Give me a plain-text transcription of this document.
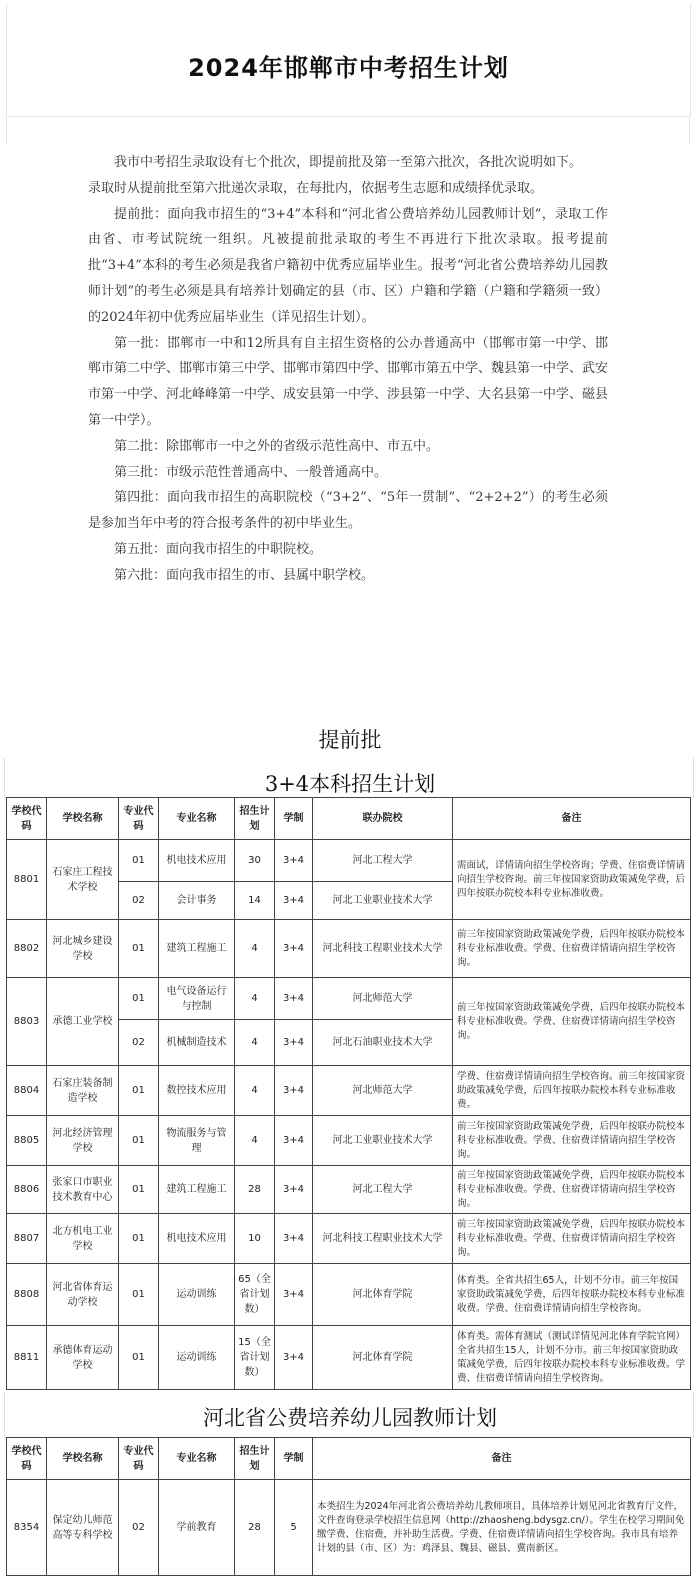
2024年邯郸市中考招生计划

我市中考招生录取设有七个批次，即提前批及第一至第六批次，各批次说明如下。

录取时从提前批至第六批递次录取，在每批内，依据考生志愿和成绩择优录取。

提前批：面向我市招生的“3+4”本科和“河北省公费培养幼儿园教师计划”，录取工作由省、市考试院统一组织。凡被提前批录取的考生不再进行下批次录取。报考提前批“3+4”本科的考生必须是我省户籍初中优秀应届毕业生。报考“河北省公费培养幼儿园教师计划”的考生必须是具有培养计划确定的县（市、区）户籍和学籍（户籍和学籍须一致）的2024年初中优秀应届毕业生（详见招生计划）。

第一批：邯郸市一中和12所具有自主招生资格的公办普通高中（邯郸市第一中学、邯郸市第二中学、邯郸市第三中学、邯郸市第四中学、邯郸市第五中学、魏县第一中学、武安市第一中学、河北峰峰第一中学、成安县第一中学、涉县第一中学、大名县第一中学、磁县第一中学）。

第二批：除邯郸市一中之外的省级示范性高中、市五中。

第三批：市级示范性普通高中、一般普通高中。

第四批：面向我市招生的高职院校（“3+2”、“5年一贯制”、“2+2+2”）的考生必须是参加当年中考的符合报考条件的初中毕业生。

第五批：面向我市招生的中职院校。

第六批：面向我市招生的市、县属中职学校。

提前批
3+4本科招生计划
学校代码	学校名称	专业代码	专业名称	招生计划	学制	联办院校	备注
8801	石家庄工程技术学校	01	机电技术应用	30	3+4	河北工程大学	需面试，详情请向招生学校咨询；学费、住宿费详情请向招生学校咨询。前三年按国家资助政策减免学费，后四年按联办院校本科专业标准收费。
		02	会计事务	14	3+4	河北工业职业技术大学	
8802	河北城乡建设学校	01	建筑工程施工	4	3+4	河北科技工程职业技术大学	前三年按国家资助政策减免学费，后四年按联办院校本科专业标准收费。学费、住宿费详情请向招生学校咨询。
8803	承德工业学校	01	电气设备运行与控制	4	3+4	河北师范大学	前三年按国家资助政策减免学费，后四年按联办院校本科专业标准收费。学费、住宿费详情请向招生学校咨询。
		02	机械制造技术	4	3+4	河北石油职业技术大学	
8804	石家庄装备制造学校	01	数控技术应用	4	3+4	河北师范大学	学费、住宿费详情请向招生学校咨询。前三年按国家资助政策减免学费，后四年按联办院校本科专业标准收费。
8805	河北经济管理学校	01	物流服务与管理	4	3+4	河北工业职业技术大学	前三年按国家资助政策减免学费，后四年按联办院校本科专业标准收费。学费、住宿费详情请向招生学校咨询。
8806	张家口市职业技术教育中心	01	建筑工程施工	28	3+4	河北工程大学	前三年按国家资助政策减免学费，后四年按联办院校本科专业标准收费。学费、住宿费详情请向招生学校咨询。
8807	北方机电工业学校	01	机电技术应用	10	3+4	河北科技工程职业技术大学	前三年按国家资助政策减免学费，后四年按联办院校本科专业标准收费。学费、住宿费详情请向招生学校咨询。
8808	河北省体育运动学校	01	运动训练	65（全省计划数）	3+4	河北体育学院	体育类。全省共招生65人，计划不分市。前三年按国家资助政策减免学费，后四年按联办院校本科专业标准收费。学费、住宿费详情请向招生学校咨询。
8811	承德体育运动学校	01	运动训练	15（全省计划数）	3+4	河北体育学院	体育类。需体育测试（测试详情见河北体育学院官网）全省共招生15人，计划不分市。前三年按国家资助政策减免学费，后四年按联办院校本科专业标准收费。学费、住宿费详情请向招生学校咨询。
河北省公费培养幼儿园教师计划
学校代码	学校名称	专业代码	专业名称	招生计划	学制	备注
8354	保定幼儿师范高等专科学校	02	学前教育	28	5	本类招生为2024年河北省公费培养幼儿教师项目，具体培养计划见河北省教育厅文件，文件查询登录学校招生信息网（http://zhaosheng.bdysgz.cn/）。学生在校学习期间免缴学费、住宿费，并补助生活费。学费、住宿费详情请向招生学校咨询。我市具有培养计划的县（市、区）为：鸡泽县、魏县、磁县、冀南新区。
